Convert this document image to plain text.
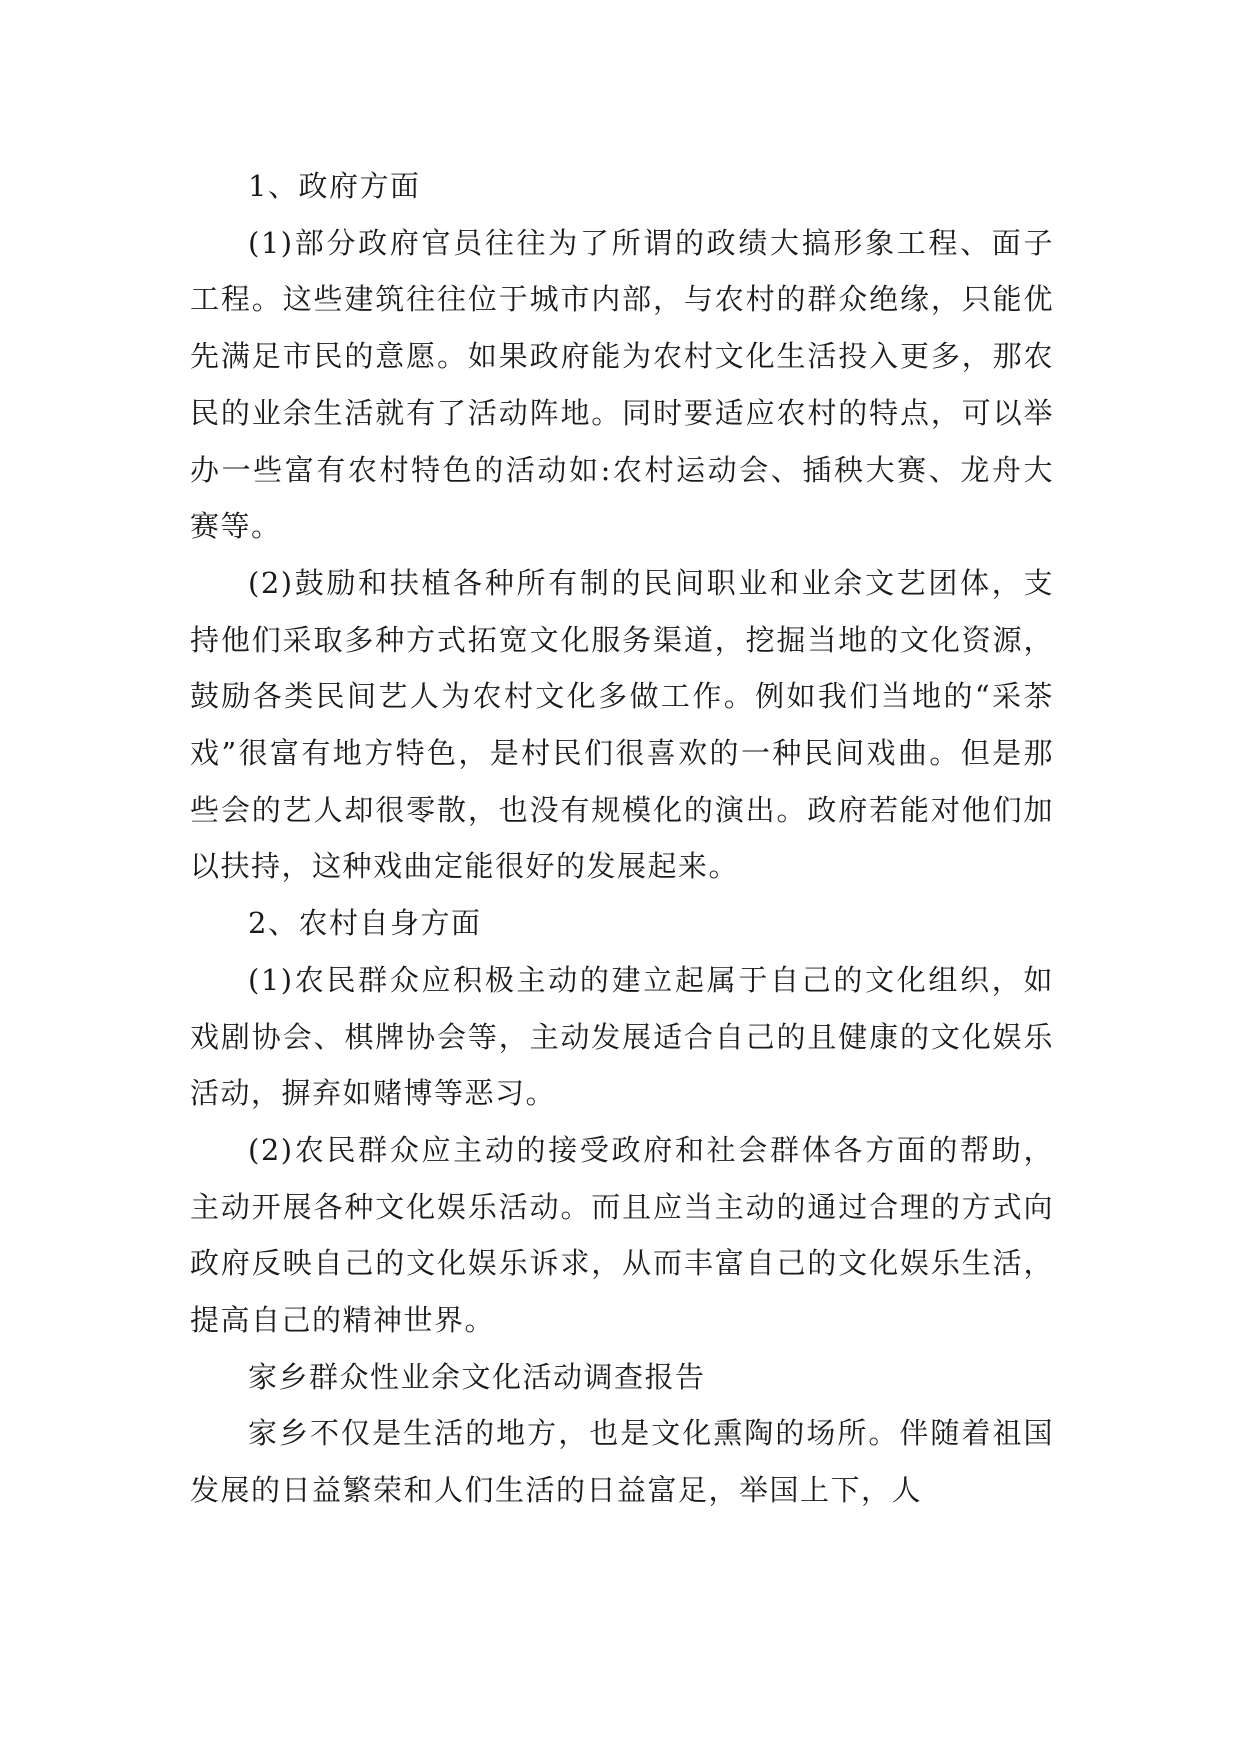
1、政府方面

(1)部分政府官员往往为了所谓的政绩大搞形象工程、面子工程。这些建筑往往位于城市内部，与农村的群众绝缘，只能优先满足市民的意愿。如果政府能为农村文化生活投入更多，那农民的业余生活就有了活动阵地。同时要适应农村的特点，可以举办一些富有农村特色的活动如:农村运动会、插秧大赛、龙舟大赛等。

(2)鼓励和扶植各种所有制的民间职业和业余文艺团体，支持他们采取多种方式拓宽文化服务渠道，挖掘当地的文化资源，鼓励各类民间艺人为农村文化多做工作。例如我们当地的“采茶戏”很富有地方特色，是村民们很喜欢的一种民间戏曲。但是那些会的艺人却很零散，也没有规模化的演出。政府若能对他们加以扶持，这种戏曲定能很好的发展起来。

2、农村自身方面

(1)农民群众应积极主动的建立起属于自己的文化组织，如戏剧协会、棋牌协会等，主动发展适合自己的且健康的文化娱乐活动，摒弃如赌博等恶习。

(2)农民群众应主动的接受政府和社会群体各方面的帮助，主动开展各种文化娱乐活动。而且应当主动的通过合理的方式向政府反映自己的文化娱乐诉求，从而丰富自己的文化娱乐生活，提高自己的精神世界。

家乡群众性业余文化活动调查报告

家乡不仅是生活的地方，也是文化熏陶的场所。伴随着祖国发展的日益繁荣和人们生活的日益富足，举国上下，人
